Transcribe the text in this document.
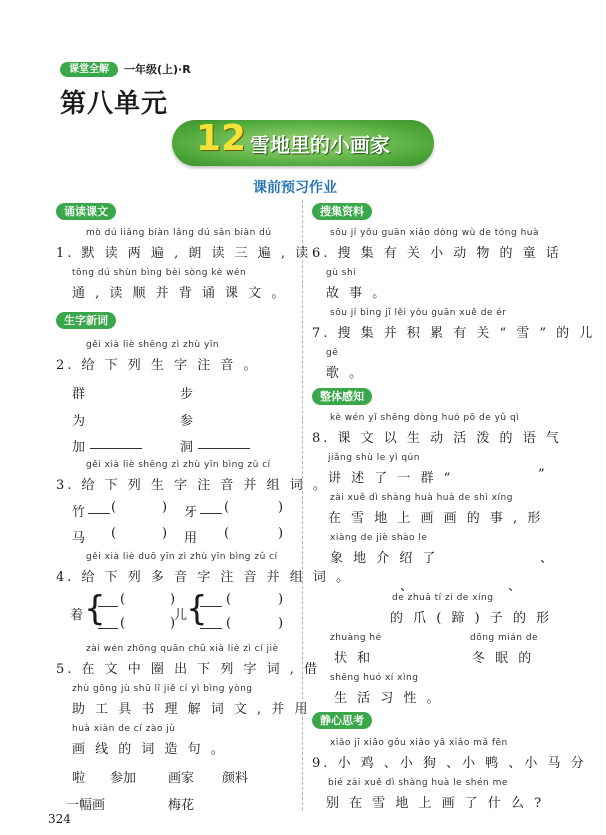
课堂全解	一年级(上)·R
第八单元
12 雪地里的小画家
课前预习作业
诵读课文
mò dú liǎng biàn lǎng dú sān biàn dú
1. 默 读 两 遍 , 朗 读 三 遍 , 读
tōng dú shùn bìng bèi sòng kè wén
通 , 读 顺 并 背 诵 课 文 。
生字新词
gěi xià liè shēng zì zhù yīn
2. 给 下 列 生 字 注 音 。
群	步
为	参
加	洞
gěi xià liè shēng zì zhù yīn bìng zǔ cí
3. 给 下 列 生 字 注 音 并 组 词 。
竹 (	) 牙 (	)
马 (	) 用 (	)
gěi xià liè duō yīn zì zhù yīn bìng zǔ cí
4. 给 下 列 多 音 字 注 音 并 组 词 。
着 { (	)
(	)
儿
{ (	)
(	)
zài wén zhōng quān chū xià liè zì cí jiè
5. 在 文 中 圈 出 下 列 字 词 , 借
zhù gōng jù shū lǐ jiě cí yì bìng yòng
助 工 具 书 理 解 词 文 , 并 用
huà xiàn de cí zào jù
画 线 的 词 造 句 。
啦 参加 画家 颜料
一幅画	梅花
搜集资料
sōu jí yǒu guān xiǎo dòng wù de tóng huà
6. 搜 集 有 关 小 动 物 的 童 话
gù shi
故 事 。
sōu jí bìng jī lěi yǒu guān xuě de ér
7. 搜 集 并 积 累 有 关 “ 雪 ” 的 儿
gē
歌 。
整体感知
kè wén yǐ shēng dòng huó pō de yǔ qì
8. 课 文 以 生 动 活 泼 的 语 气
jiǎng shù le yì qún
讲 述 了 一 群 “	”
zài xuě dì shàng huà huà de shì xíng
在 雪 地 上 画 画 的 事 , 形
xiàng de jiè shào le
象 地 介 绍 了	、
、	、
de zhuǎ tí zi de xíng
的 爪 ( 蹄 ) 子 的 形
zhuàng hé
状 和
dōng mián de
冬 眠 的
shēng huó xí xìng
生 活 习 性 。
静心思考
xiǎo jī xiǎo gǒu xiǎo yā xiǎo mǎ fēn
9. 小 鸡 、小 狗 、小 鸭 、小 马 分
bié zài xuě dì shàng huà le shén me
别 在 雪 地 上 画 了 什 么 ?
324
